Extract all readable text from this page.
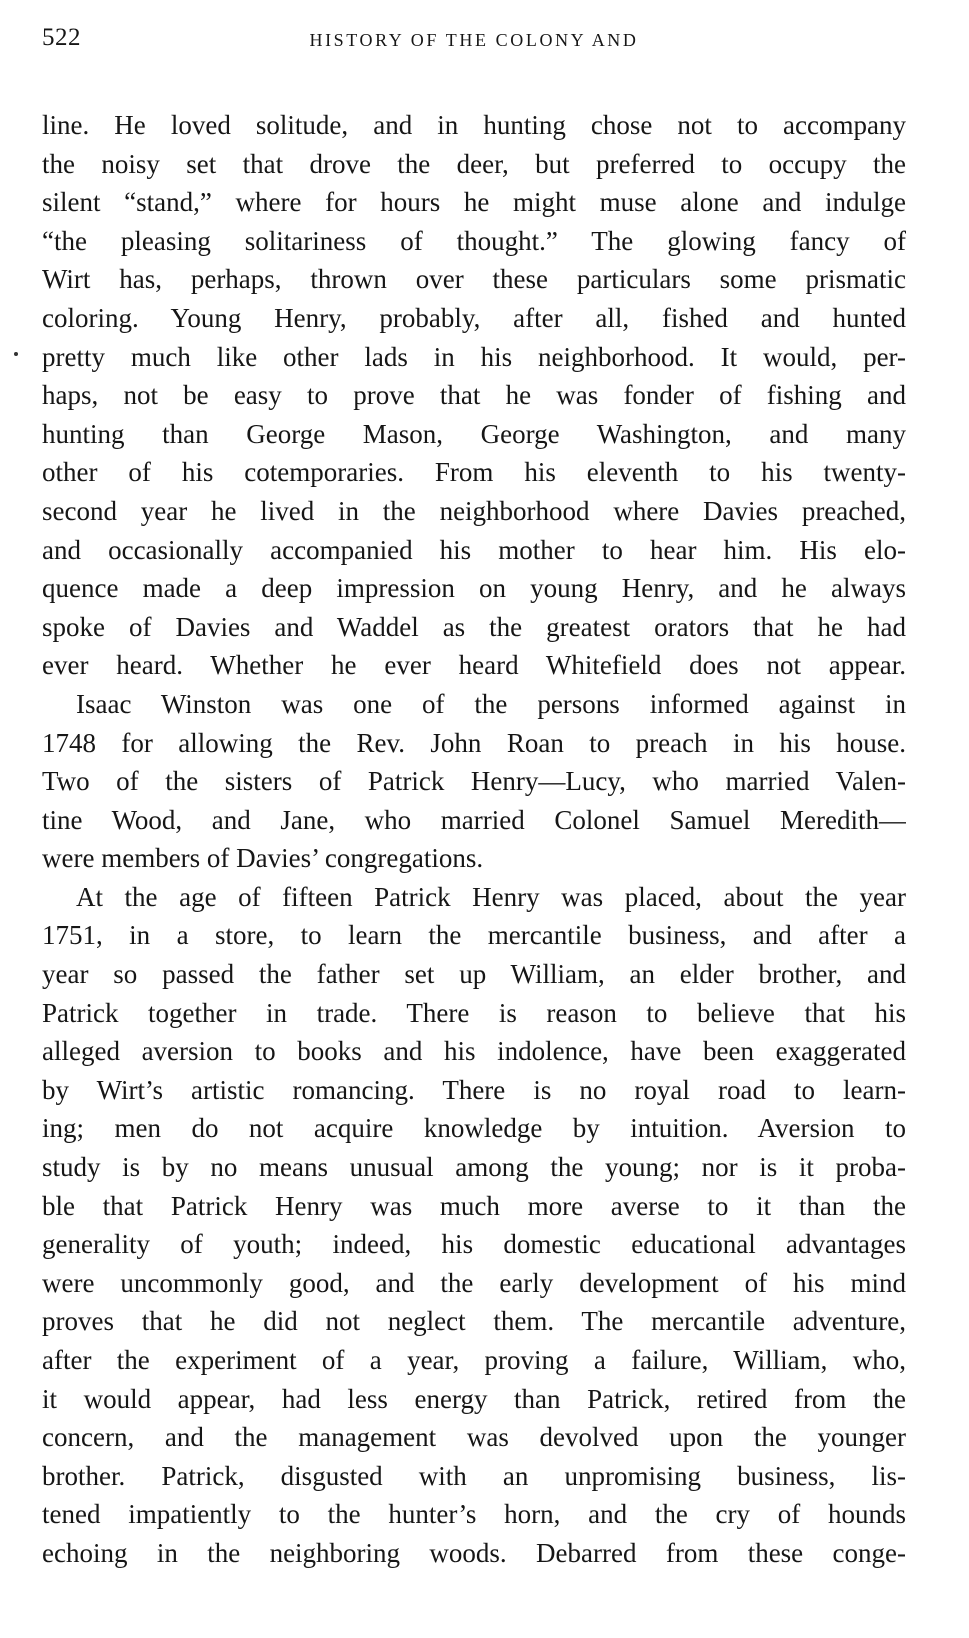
522	HISTORY OF THE COLONY AND
line. He loved solitude, and in hunting chose not to accompany
the noisy set that drove the deer, but preferred to occupy the
silent “stand,” where for hours he might muse alone and indulge
“the pleasing solitariness of thought.” The glowing fancy of
Wirt has, perhaps, thrown over these particulars some prismatic
coloring. Young Henry, probably, after all, fished and hunted
pretty much like other lads in his neighborhood. It would, per-
haps, not be easy to prove that he was fonder of fishing and
hunting than George Mason, George Washington, and many
other of his cotemporaries. From his eleventh to his twenty-
second year he lived in the neighborhood where Davies preached,
and occasionally accompanied his mother to hear him. His elo-
quence made a deep impression on young Henry, and he always
spoke of Davies and Waddel as the greatest orators that he had
ever heard. Whether he ever heard Whitefield does not appear.
Isaac Winston was one of the persons informed against in
1748 for allowing the Rev. John Roan to preach in his house.
Two of the sisters of Patrick Henry—Lucy, who married Valen-
tine Wood, and Jane, who married Colonel Samuel Meredith—
were members of Davies’ congregations.
At the age of fifteen Patrick Henry was placed, about the year
1751, in a store, to learn the mercantile business, and after a
year so passed the father set up William, an elder brother, and
Patrick together in trade. There is reason to believe that his
alleged aversion to books and his indolence, have been exaggerated
by Wirt’s artistic romancing. There is no royal road to learn-
ing; men do not acquire knowledge by intuition. Aversion to
study is by no means unusual among the young; nor is it proba-
ble that Patrick Henry was much more averse to it than the
generality of youth; indeed, his domestic educational advantages
were uncommonly good, and the early development of his mind
proves that he did not neglect them. The mercantile adventure,
after the experiment of a year, proving a failure, William, who,
it would appear, had less energy than Patrick, retired from the
concern, and the management was devolved upon the younger
brother. Patrick, disgusted with an unpromising business, lis-
tened impatiently to the hunter’s horn, and the cry of hounds
echoing in the neighboring woods. Debarred from these conge-
